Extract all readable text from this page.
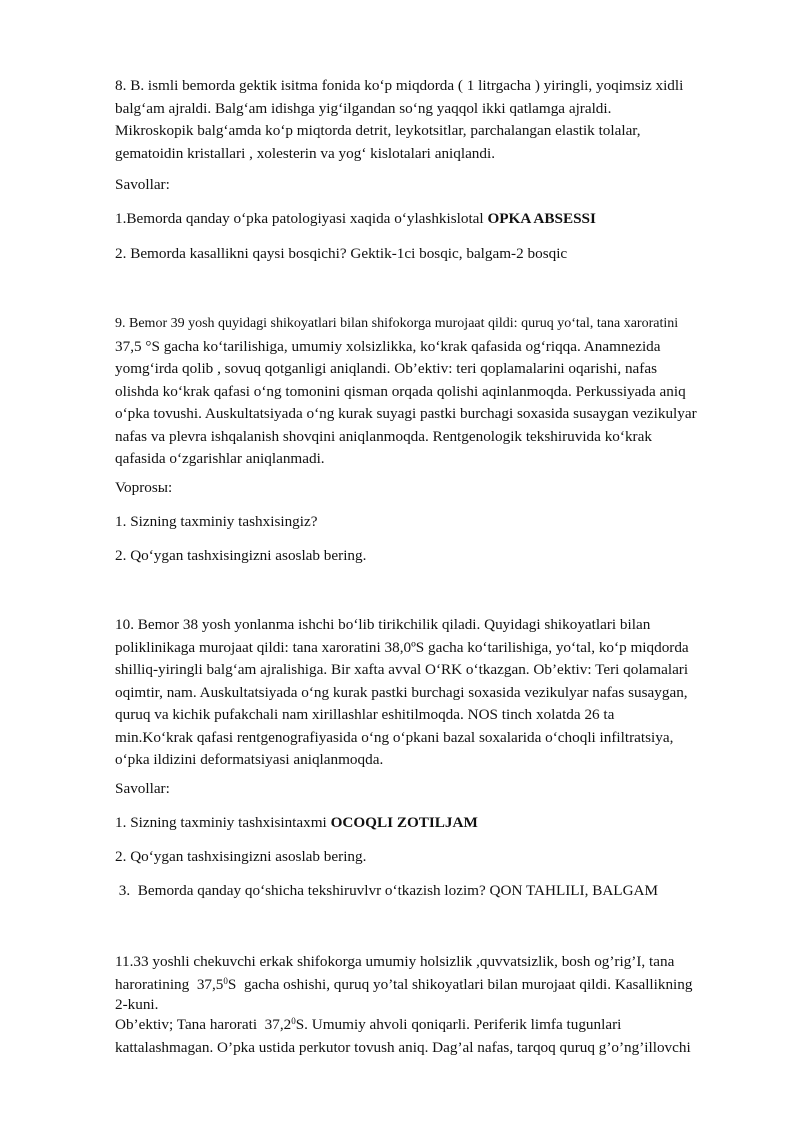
8. B. ismli bemorda gektik isitma fonida ko‘p miqdorda ( 1 litrgacha ) yiringli, yoqimsiz xidli
balg‘am ajraldi. Balg‘am idishga yig‘ilgandan so‘ng yaqqol ikki qatlamga ajraldi.
Mikroskopik balg‘amda ko‘p miqtorda detrit, leykotsitlar, parchalangan elastik tolalar,
gematoidin kristallari , xolesterin va yog‘ kislotalari aniqlandi.
Savollar:
1.Bemorda qanday o‘pka patologiyasi xaqida o‘ylashkislotal OPKA ABSESSI
2. Bemorda kasallikni qaysi bosqichi? Gektik-1ci bosqic, balgam-2 bosqic
9. Bemor 39 yosh quyidagi shikoyatlari bilan shifokorga murojaat qildi: quruq yo‘tal, tana xaroratini
37,5 °S gacha ko‘tarilishiga, umumiy xolsizlikka, ko‘krak qafasida og‘riqqa. Anamnezida
yomg‘irda qolib , sovuq qotganligi aniqlandi. Ob’ektiv: teri qoplamalarini oqarishi, nafas
olishda ko‘krak qafasi o‘ng tomonini qisman orqada qolishi aqinlanmoqda. Perkussiyada aniq
o‘pka tovushi. Auskultatsiyada o‘ng kurak suyagi pastki burchagi soxasida susaygan vezikulyar
nafas va plevra ishqalanish shovqini aniqlanmoqda. Rentgenologik tekshiruvida ko‘krak
qafasida o‘zgarishlar aniqlanmadi.
Voprosы:
1. Sizning taxminiy tashxisingiz?
2. Qo‘ygan tashxisingizni asoslab bering.
10. Bemor 38 yosh yonlanma ishchi bo‘lib tirikchilik qiladi. Quyidagi shikoyatlari bilan
poliklinikaga murojaat qildi: tana xaroratini 38,0ºS gacha ko‘tarilishiga, yo‘tal, ko‘p miqdorda
shilliq-yiringli balg‘am ajralishiga. Bir xafta avval O‘RK o‘tkazgan. Ob’ektiv: Teri qolamalari
oqimtir, nam. Auskultatsiyada o‘ng kurak pastki burchagi soxasida vezikulyar nafas susaygan,
quruq va kichik pufakchali nam xirillashlar eshitilmoqda. NOS tinch xolatda 26 ta
min.Ko‘krak qafasi rentgenografiyasida o‘ng o‘pkani bazal soxalarida o‘choqli infiltratsiya,
o‘pka ildizini deformatsiyasi aniqlanmoqda.
Savollar:
1. Sizning taxminiy tashxisintaxmi OCOQLI ZOTILJAM
2. Qo‘ygan tashxisingizni asoslab bering.
3.  Bemorda qanday qo‘shicha tekshiruvlvr o‘tkazish lozim? QON TAHLILI, BALGAM
11.33 yoshli chekuvchi erkak shifokorga umumiy holsizlik ,quvvatsizlik, bosh og’rig’I, tana
haroratining  37,5$^0$S  gacha oshishi, quruq yo’tal shikoyatlari bilan murojaat qildi. Kasallikning
2-kuni.
Ob’ektiv; Tana harorati  37,2$^0$S. Umumiy ahvoli qoniqarli. Periferik limfa tugunlari
kattalashmagan. O’pka ustida perkutor tovush aniq. Dag’al nafas, tarqoq quruq g’o’ng’illovchi
